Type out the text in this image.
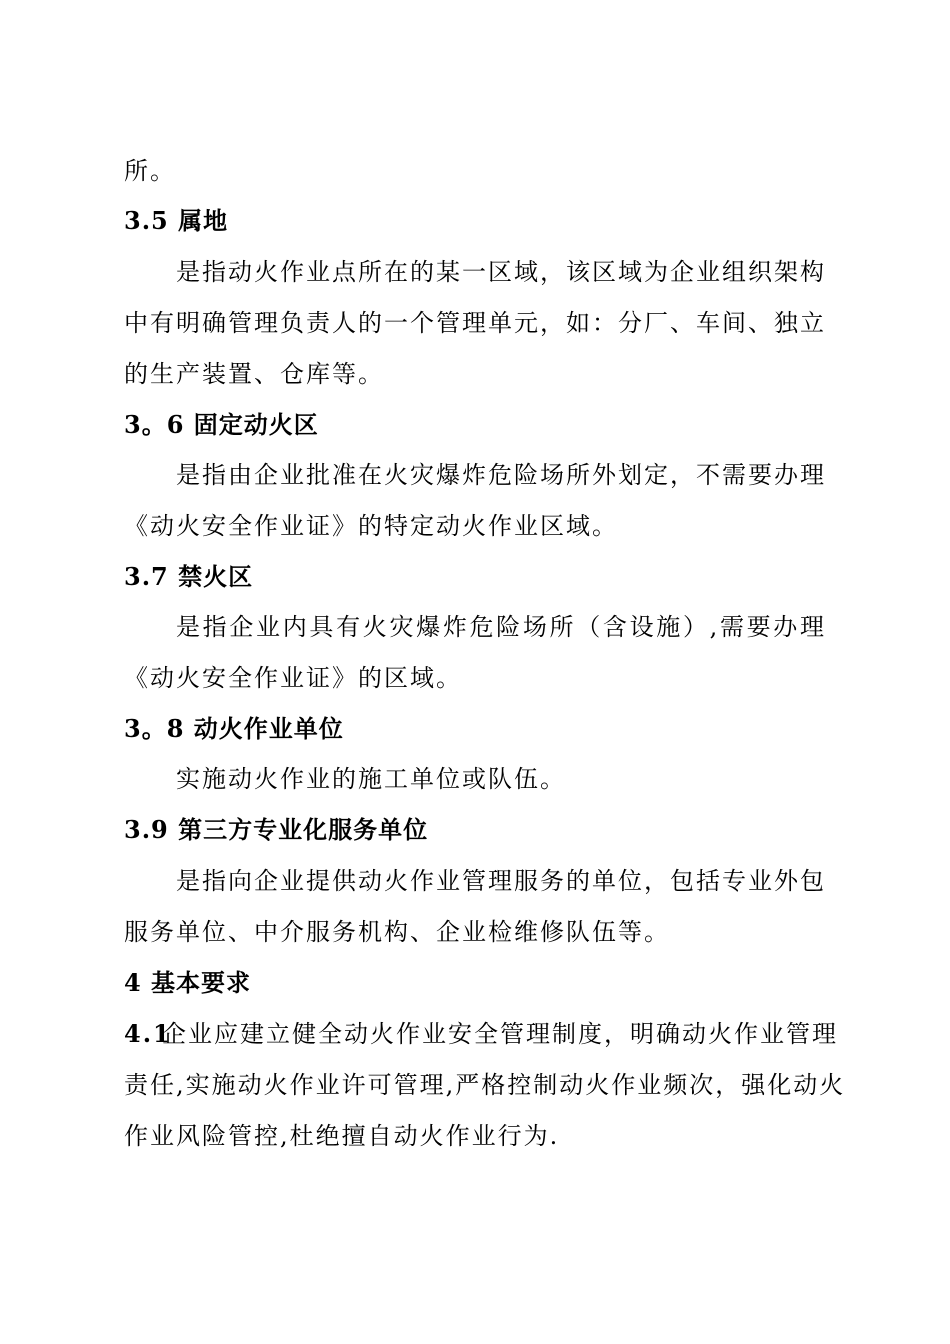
所。
3.5 属地
是指动火作业点所在的某一区域，该区域为企业组织架构
中有明确管理负责人的一个管理单元，如：分厂、车间、独立
的生产装置、仓库等。
3。6 固定动火区
是指由企业批准在火灾爆炸危险场所外划定，不需要办理
《动火安全作业证》的特定动火作业区域。
3.7 禁火区
是指企业内具有火灾爆炸危险场所（含设施）,需要办理
《动火安全作业证》的区域。
3。8 动火作业单位
实施动火作业的施工单位或队伍。
3.9 第三方专业化服务单位
是指向企业提供动火作业管理服务的单位，包括专业外包
服务单位、中介服务机构、企业检维修队伍等。
4 基本要求
4.1
企业应建立健全动火作业安全管理制度，明确动火作业管理
责任,实施动火作业许可管理,严格控制动火作业频次，强化动火
作业风险管控,杜绝擅自动火作业行为.
